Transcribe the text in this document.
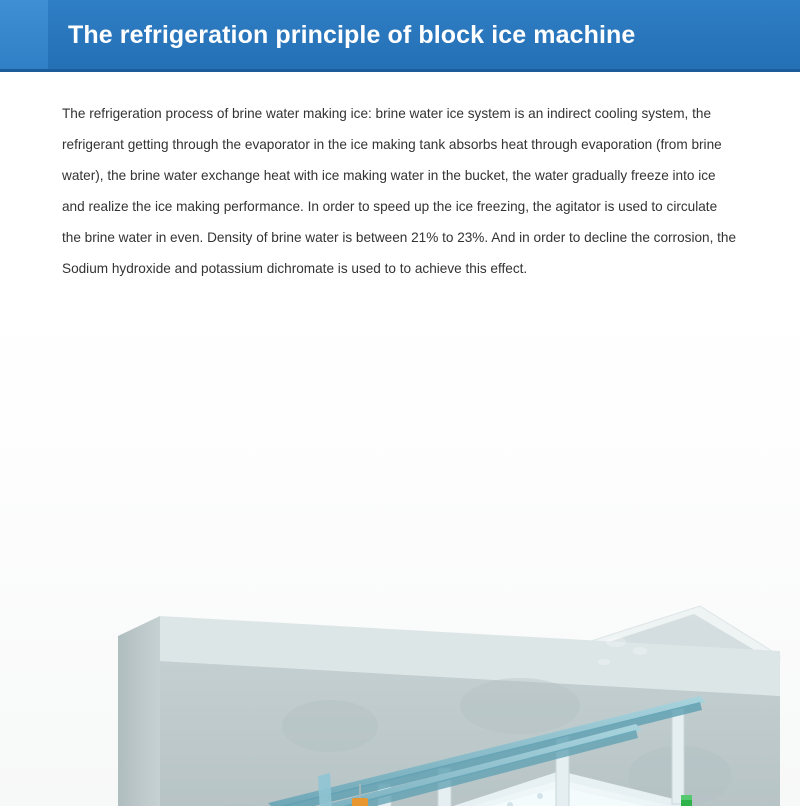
The refrigeration principle of block ice machine

The refrigeration process of brine water making ice: brine water ice system is an indirect cooling system, the refrigerant getting through the evaporator in the ice making tank absorbs heat through evaporation (from brine water), the brine water exchange heat with ice making water in the bucket, the water gradually freeze into ice and realize the ice making performance. In order to speed up the ice freezing, the agitator is used to circulate the brine water in even. Density of brine water is between 21% to 23%. And in order to decline the corrosion, the Sodium hydroxide and potassium dichromate is used to to achieve this effect.
